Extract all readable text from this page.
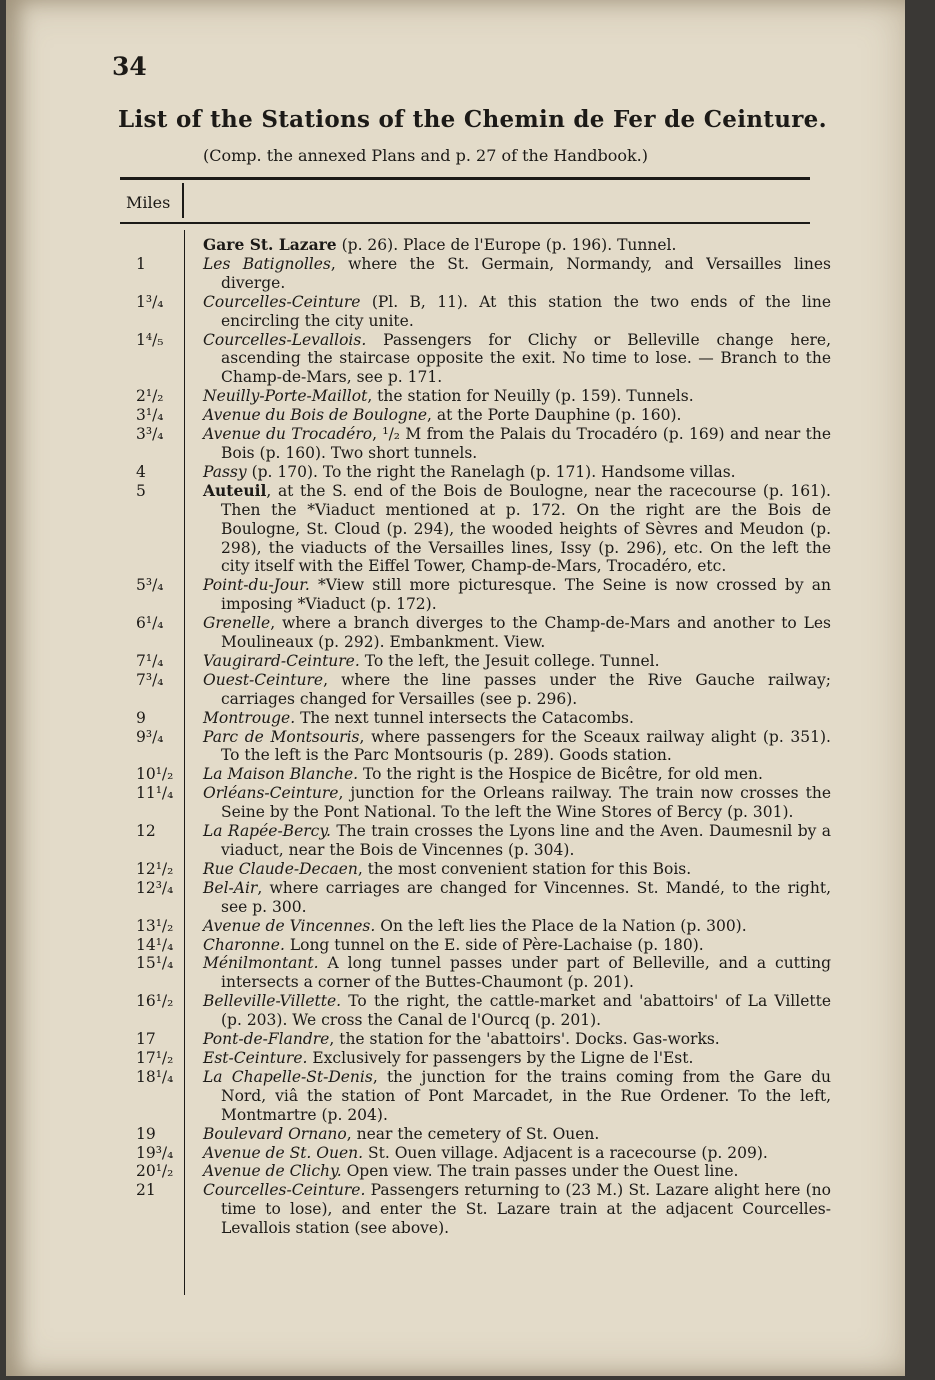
34
List of the Stations of the Chemin de Fer de Ceinture.
(Comp. the annexed Plans and p. 27 of the Handbook.)
Miles
Gare St. Lazare (p. 26). Place de l'Europe (p. 196). Tunnel.
1	Les Batignolles, where the St. Germain, Normandy, and Versailles lines diverge.
1³/₄	Courcelles-Ceinture (Pl. B, 11). At this station the two ends of the line encircling the city unite.
1⁴/₅	Courcelles-Levallois. Passengers for Clichy or Belleville change here, ascending the staircase opposite the exit. No time to lose. — Branch to the Champ-de-Mars, see p. 171.
2¹/₂	Neuilly-Porte-Maillot, the station for Neuilly (p. 159). Tunnels.
3¹/₄	Avenue du Bois de Boulogne, at the Porte Dauphine (p. 160).
3³/₄	Avenue du Trocadéro, ¹/₂ M from the Palais du Trocadéro (p. 169) and near the Bois (p. 160). Two short tunnels.
4	Passy (p. 170). To the right the Ranelagh (p. 171). Handsome villas.
5	Auteuil, at the S. end of the Bois de Boulogne, near the racecourse (p. 161). Then the *Viaduct mentioned at p. 172. On the right are the Bois de Boulogne, St. Cloud (p. 294), the wooded heights of Sèvres and Meudon (p. 298), the viaducts of the Versailles lines, Issy (p. 296), etc. On the left the city itself with the Eiffel Tower, Champ-de-Mars, Trocadéro, etc.
5³/₄	Point-du-Jour. *View still more picturesque. The Seine is now crossed by an imposing *Viaduct (p. 172).
6¹/₄	Grenelle, where a branch diverges to the Champ-de-Mars and another to Les Moulineaux (p. 292). Embankment. View.
7¹/₄	Vaugirard-Ceinture. To the left, the Jesuit college. Tunnel.
7³/₄	Ouest-Ceinture, where the line passes under the Rive Gauche railway; carriages changed for Versailles (see p. 296).
9	Montrouge. The next tunnel intersects the Catacombs.
9³/₄	Parc de Montsouris, where passengers for the Sceaux railway alight (p. 351). To the left is the Parc Montsouris (p. 289). Goods station.
10¹/₂ La Maison Blanche. To the right is the Hospice de Bicêtre, for old men.
11¹/₄ Orléans-Ceinture, junction for the Orleans railway. The train now crosses the Seine by the Pont National. To the left the Wine Stores of Bercy (p. 301).
12	La Rapée-Bercy. The train crosses the Lyons line and the Aven. Daumesnil by a viaduct, near the Bois de Vincennes (p. 304).
12¹/₂ Rue Claude-Decaen, the most convenient station for this Bois.
12³/₄ Bel-Air, where carriages are changed for Vincennes. St. Mandé, to the right, see p. 300.
13¹/₂ Avenue de Vincennes. On the left lies the Place de la Nation (p. 300).
14¹/₄ Charonne. Long tunnel on the E. side of Père-Lachaise (p. 180).
15¹/₄ Ménilmontant. A long tunnel passes under part of Belleville, and a cutting intersects a corner of the Buttes-Chaumont (p. 201).
16¹/₂ Belleville-Villette. To the right, the cattle-market and 'abattoirs' of La Villette (p. 203). We cross the Canal de l'Ourcq (p. 201).
17	Pont-de-Flandre, the station for the 'abattoirs'. Docks. Gas-works.
17¹/₂ Est-Ceinture. Exclusively for passengers by the Ligne de l'Est.
18¹/₄ La Chapelle-St-Denis, the junction for the trains coming from the Gare du Nord, viâ the station of Pont Marcadet, in the Rue Ordener. To the left, Montmartre (p. 204).
19	Boulevard Ornano, near the cemetery of St. Ouen.
19³/₄ Avenue de St. Ouen. St. Ouen village. Adjacent is a racecourse (p. 209).
20¹/₂ Avenue de Clichy. Open view. The train passes under the Ouest line.
21	Courcelles-Ceinture. Passengers returning to (23 M.) St. Lazare alight here (no time to lose), and enter the St. Lazare train at the adjacent Courcelles-Levallois station (see above).
